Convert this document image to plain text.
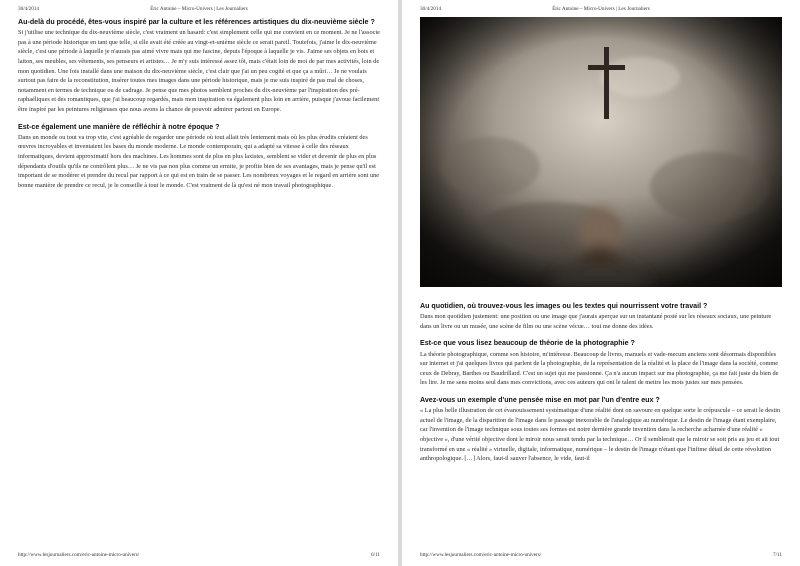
30/4/2014	Éric Antoine – Micro-Univers | Les Journaliers
Au-delà du procédé, êtes-vous inspiré par la culture et les références artistiques du dix-neuvième siècle ?

Si j'utilise une technique du dix-neuvième siècle, c'est vraiment un hasard: c'est simplement celle qui me convient en ce moment. Je ne l'associe pas à une période historique en tant que telle, si elle avait été créée au vingt-et-unième siècle ce serait pareil. Toutefois, j'aime le dix-neuvième siècle, c'est une période à laquelle je n'aurais pas aimé vivre mais qui me fascine, depuis l'époque à laquelle je vis. J'aime ses objets en bois et laiton, ses meubles, ses vêtements, ses penseurs et artistes… Je m'y suis intéressé assez tôt, mais c'était loin de moi de par mes activités, loin de mon quotidien. Une fois installé dans une maison du dix-neuvième siècle, c'est clair que j'ai un peu cogité et que ça a mûri… Je ne voulais surtout pas faire de la reconstitution, insérer toutes mes images dans une période historique, mais je me suis inspiré de pas mal de choses, notamment en termes de technique ou de cadrage. Je pense que mes photos semblent proches du dix-neuvième par l'inspiration des pré-raphaéliques et des romantiques, que j'ai beaucoup regardés, mais mon inspiration va également plus loin en arrière, puisque j'avoue facilement être inspiré par les peintures religieuses que nous avons la chance de pouvoir admirer partout en Europe.

Est-ce également une manière de réfléchir à notre époque ?

Dans un monde ou tout va trop vite, c'est agréable de regarder une période où tout allait très lentement mais où les plus érudits créaient des œuvres incroyables et inventaient les bases du monde moderne. Le monde contemporain, qui a adapté sa vitesse à celle des réseaux informatiques, devient approximatif hors des machines. Les hommes sont de plus en plus laxistes, semblent se vider et devenir de plus en plus dépendants d'outils qu'ils ne contrôlent plus… Je ne vis pas non plus comme un ermite, je profite bien de ses avantages, mais je pense qu'il est important de se modérer et prendre du recul par rapport à ce qui est en train de se passer. Les nombreux voyages et le regard en arrière sont une bonne manière de prendre ce recul, je le conseille à tout le monde. C'est vraiment de là qu'est né mon travail photographique.

http://www.lesjournaliers.com/eric-antoine-micro-univers/	6/11
30/4/2014	Éric Antoine – Micro-Univers | Les Journaliers
Au quotidien, où trouvez-vous les images ou les textes qui nourrissent votre travail ?

Dans mon quotidien justement: une position ou une image que j'aurais aperçue sur un instantané posté sur les réseaux sociaux, une peinture dans un livre ou un musée, une scène de film ou une scène vécue… tout me donne des idées.

Est-ce que vous lisez beaucoup de théorie de la photographie ?

La théorie photographique, comme son histoire, m'intéresse. Beaucoup de livres, manuels et vade-mecum anciens sont désormais disponibles sur internet et j'ai quelques livres qui parlent de la photographie, de la représentation de la réalité et la place de l'image dans la société, comme ceux de Debray, Barthes ou Baudrillard. C'est un sujet qui me passionne. Ça n'a aucun impact sur ma photographie, ça me fait juste du bien de les lire. Je me sens moins seul dans mes convictions, avec ces auteurs qui ont le talent de mettre les mots justes sur mes pensées.

Avez-vous un exemple d'une pensée mise en mot par l'un d'entre eux ?

« La plus belle illustration de cet évanouissement systématique d'une réalité dont on savoure en quelque sorte le crépuscule – ce serait le destin actuel de l'image, de la disparition de l'image dans le passage inexorable de l'analogique au numérique. Le destin de l'image étant exemplaire, car l'invention de l'image technique sous toutes ses formes est notre dernière grande invention dans la recherche acharnée d'une réalité « objective », d'une vérité objective dont le miroir nous serait tendu par la technique… Or il semblerait que le miroir se soit pris au jeu et ait tout transformé en une « réalité » virtuelle, digitale, informatique, numérique – le destin de l'image n'étant que l'infime détail de cette révolution anthropologique. […] Alors, faut-il sauver l'absence, le vide, faut-il

http://www.lesjournaliers.com/eric-antoine-micro-univers/	7/11
